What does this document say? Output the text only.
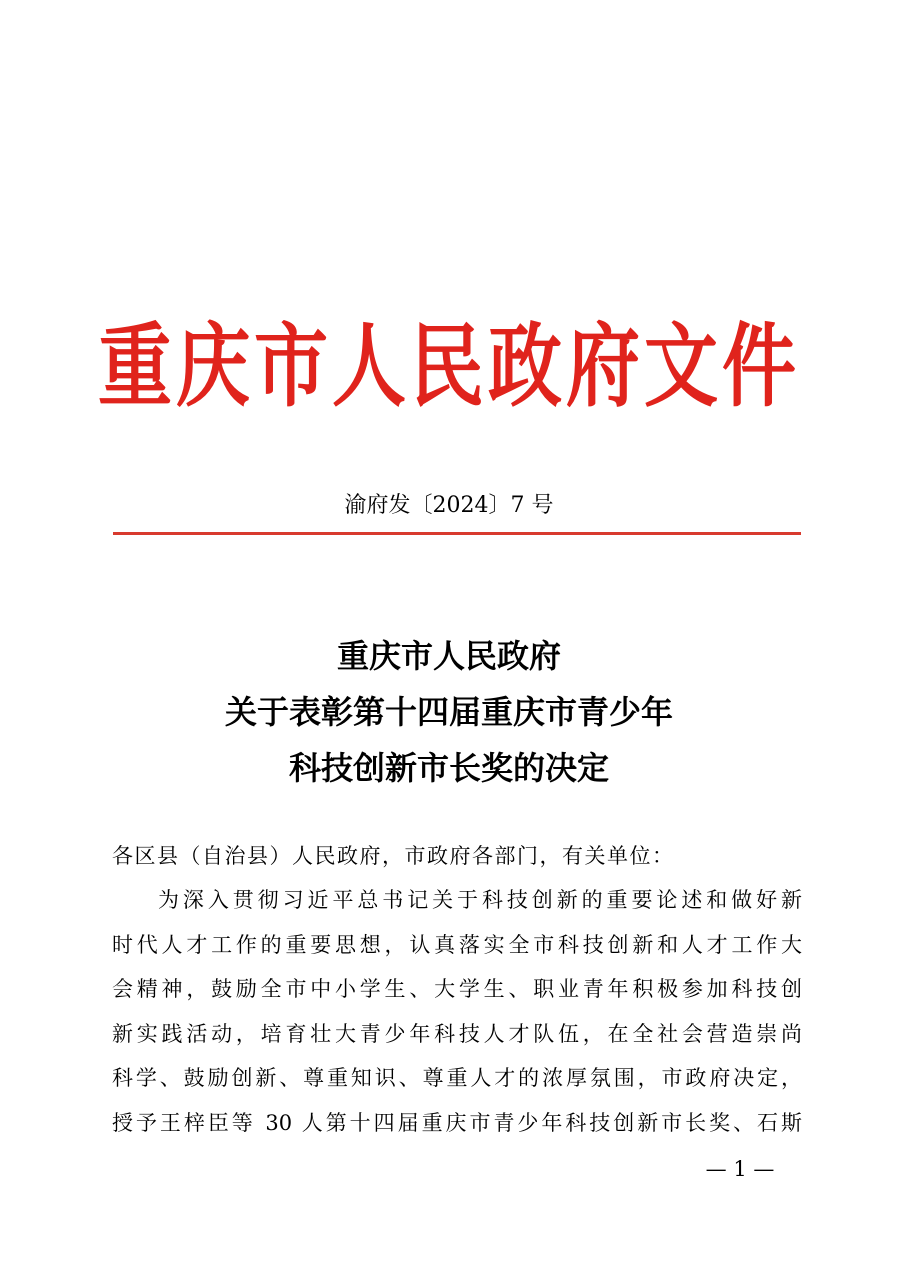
重庆市人民政府文件
渝府发〔2024〕7 号
重庆市人民政府
关于表彰第十四届重庆市青少年
科技创新市长奖的决定
各区县（自治县）人民政府，市政府各部门，有关单位：
为深入贯彻习近平总书记关于科技创新的重要论述和做好新
时代人才工作的重要思想，认真落实全市科技创新和人才工作大
会精神，鼓励全市中小学生、大学生、职业青年积极参加科技创
新实践活动，培育壮大青少年科技人才队伍，在全社会营造崇尚
科学、鼓励创新、尊重知识、尊重人才的浓厚氛围，市政府决定，
授予王梓臣等 30 人第十四届重庆市青少年科技创新市长奖、石斯
— 1 —
